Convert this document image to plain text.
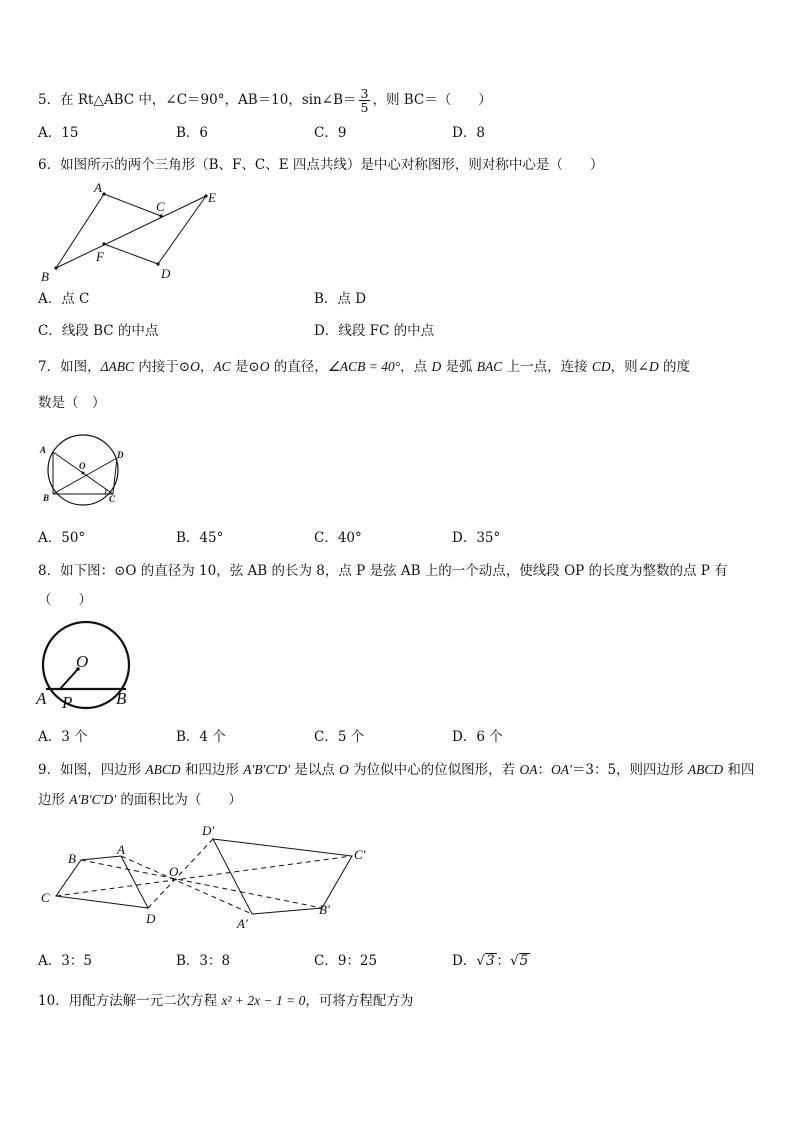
5．在 Rt△ABC 中，∠C＝90°，AB＝10，sin∠B＝ $\frac{3}{5}$ ，则 BC＝（　　）
A．15	B．6	C．9	D．8
6．如图所示的两个三角形（B、F、C、E 四点共线）是中心对称图形，则对称中心是（　　）
A
B
C
D
E
F
A．点 C	B．点 D
C．线段 BC 的中点	D．线段 FC 的中点
7．如图，ΔABC 内接于⊙O，AC 是⊙O 的直径，∠ACB = 40°，点 D 是弧 BAC 上一点，连接 CD，则∠D 的度
数是（　）
A
B	C
D
O
A．50°	B．45°	C．40°	D．35°
8．如下图：⊙O 的直径为 10，弦 AB 的长为 8，点 P 是弦 AB 上的一个动点，使线段 OP 的长度为整数的点 P 有
（　　）
O
A P	B
A．3 个	B．4 个	C．5 个	D．6 个
9．如图，四边形 ABCD 和四边形 A'B'C'D' 是以点 O 为位似中心的位似图形，若 OA：OA'＝3：5，则四边形 ABCD 和四
边形 A'B'C'D' 的面积比为（　　）
A
B
C
D
O
A'
B'
C'
D'
A．3：5	B．3：8	C．9：25	D．√3 ：√5
10．用配方法解一元二次方程 x² + 2x − 1 = 0，可将方程配方为
